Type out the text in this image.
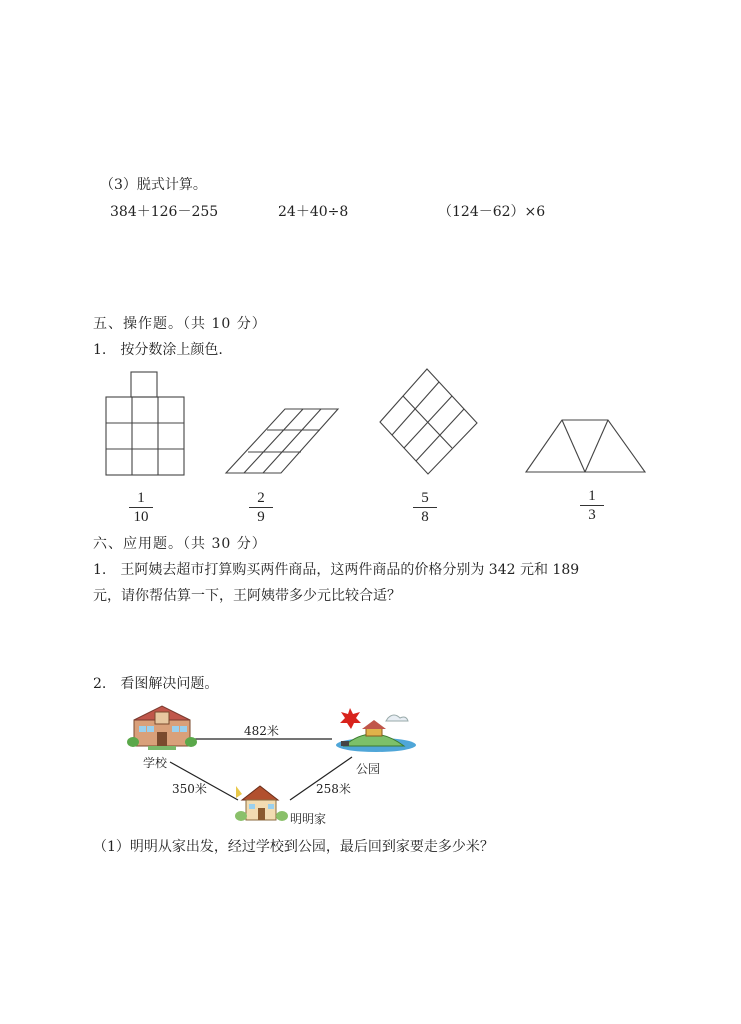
（3）脱式计算。
384＋126－255	24＋40÷8	（124－62）×6
五、操作题。（共 10 分）
1.　按分数涂上颜色.
1
10
2
9
5
8
1
3
六、应用题。（共 30 分）
1.　王阿姨去超市打算购买两件商品，这两件商品的价格分别为 342 元和 189
元，请你帮估算一下，王阿姨带多少元比较合适？
2.　看图解决问题。
482米
学校	公园
350米	258米
明明家
（1）明明从家出发，经过学校到公园，最后回到家要走多少米？
